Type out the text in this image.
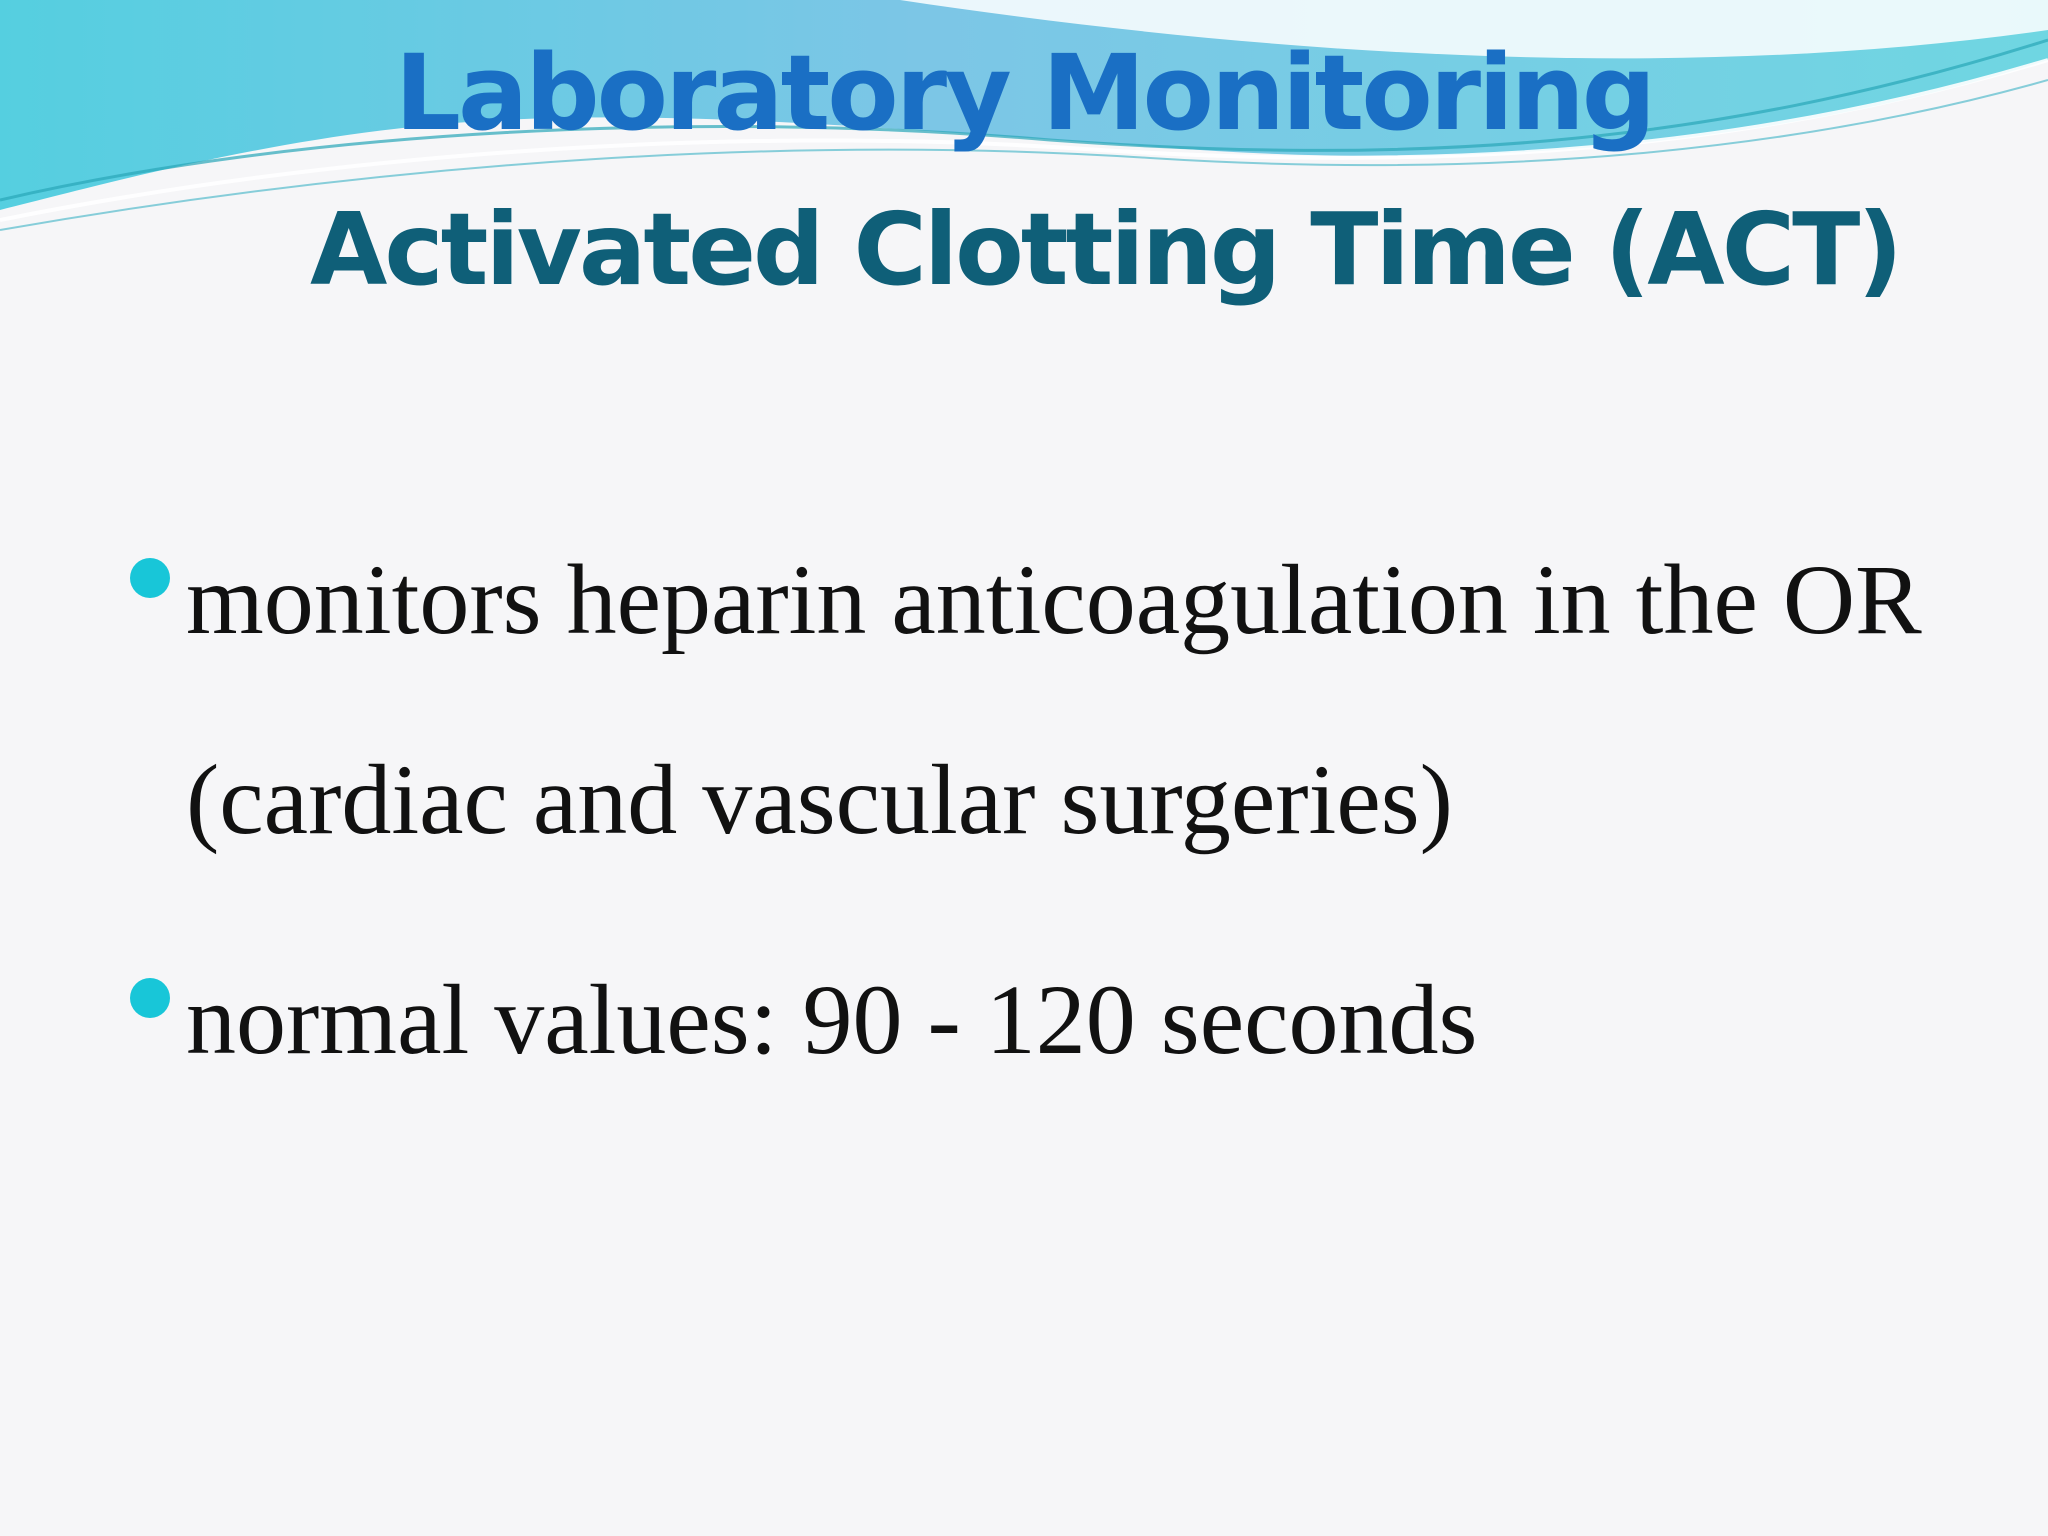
Laboratory Monitoring
Activated Clotting Time (ACT)
monitors heparin anticoagulation in the OR (cardiac and vascular surgeries)
normal values: 90 - 120 seconds
